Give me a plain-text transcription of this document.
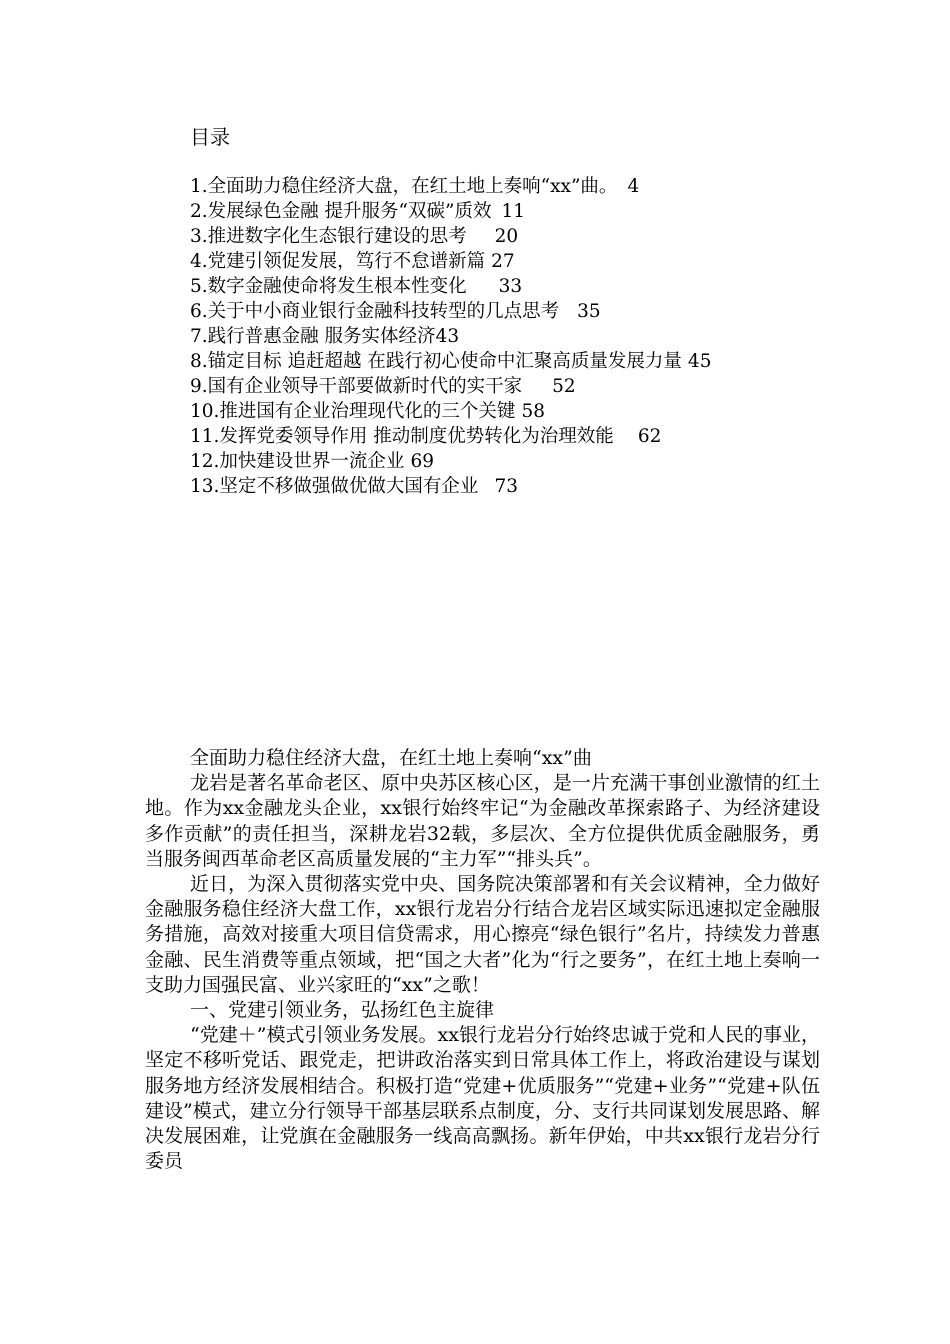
目录
1.全面助力稳住经济大盘，在红土地上奏响“xx”曲。 4
2.发展绿色金融 提升服务“双碳”质效 11
3.推进数字化生态银行建设的思考 20
4.党建引领促发展，笃行不怠谱新篇 27
5.数字金融使命将发生根本性变化 33
6.关于中小商业银行金融科技转型的几点思考 35
7.践行普惠金融 服务实体经济43
8.锚定目标 追赶超越 在践行初心使命中汇聚高质量发展力量 45
9.国有企业领导干部要做新时代的实干家 52
10.推进国有企业治理现代化的三个关键 58
11.发挥党委领导作用 推动制度优势转化为治理效能 62
12.加快建设世界一流企业 69
13.坚定不移做强做优做大国有企业 73
全面助力稳住经济大盘，在红土地上奏响“xx”曲

龙岩是著名革命老区、原中央苏区核心区，是一片充满干事创业激情的红土地。作为xx金融龙头企业，xx银行始终牢记“为金融改革探索路子、为经济建设多作贡献”的责任担当，深耕龙岩32载，多层次、全方位提供优质金融服务，勇当服务闽西革命老区高质量发展的“主力军”“排头兵”。

近日，为深入贯彻落实党中央、国务院决策部署和有关会议精神，全力做好金融服务稳住经济大盘工作，xx银行龙岩分行结合龙岩区域实际迅速拟定金融服务措施，高效对接重大项目信贷需求，用心擦亮“绿色银行”名片，持续发力普惠金融、民生消费等重点领域，把“国之大者”化为“行之要务”，在红土地上奏响一支助力国强民富、业兴家旺的“xx”之歌！

一、党建引领业务，弘扬红色主旋律

“党建＋”模式引领业务发展。xx银行龙岩分行始终忠诚于党和人民的事业，坚定不移听党话、跟党走，把讲政治落实到日常具体工作上，将政治建设与谋划服务地方经济发展相结合。积极打造“党建+优质服务”“党建+业务”“党建+队伍建设”模式，建立分行领导干部基层联系点制度，分、支行共同谋划发展思路、解决发展困难，让党旗在金融服务一线高高飘扬。新年伊始，中共xx银行龙岩分行委员
